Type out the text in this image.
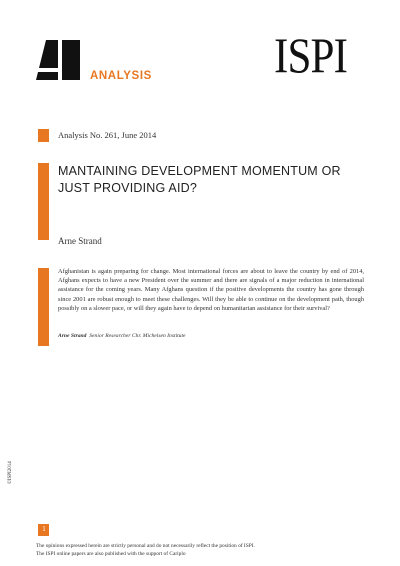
ANALYSIS ISPI
Analysis No. 261, June 2014
MANTAINING DEVELOPMENT MOMENTUM OR JUST PROVIDING AID?
Arne Strand
Afghanistan is again preparing for change. Most international forces are about to leave the country by end of 2014, Afghans expects to have a new President over the summer and there are signals of a major reduction in international assistance for the coming years. Many Afghans question if the positive developments the country has gone through since 2001 are robust enough to meet these challenges. Will they be able to continue on the development path, though possibly on a slower pace, or will they again have to depend on humanitarian assistance for their survival?
Arne Strand Senior Researcher Chr. Michelsen Institute
©ISPI2014
1
The opinions expressed herein are strictly personal and do not necessarily reflect the position of ISPI.
The ISPI online papers are also published with the support of Cariplo
